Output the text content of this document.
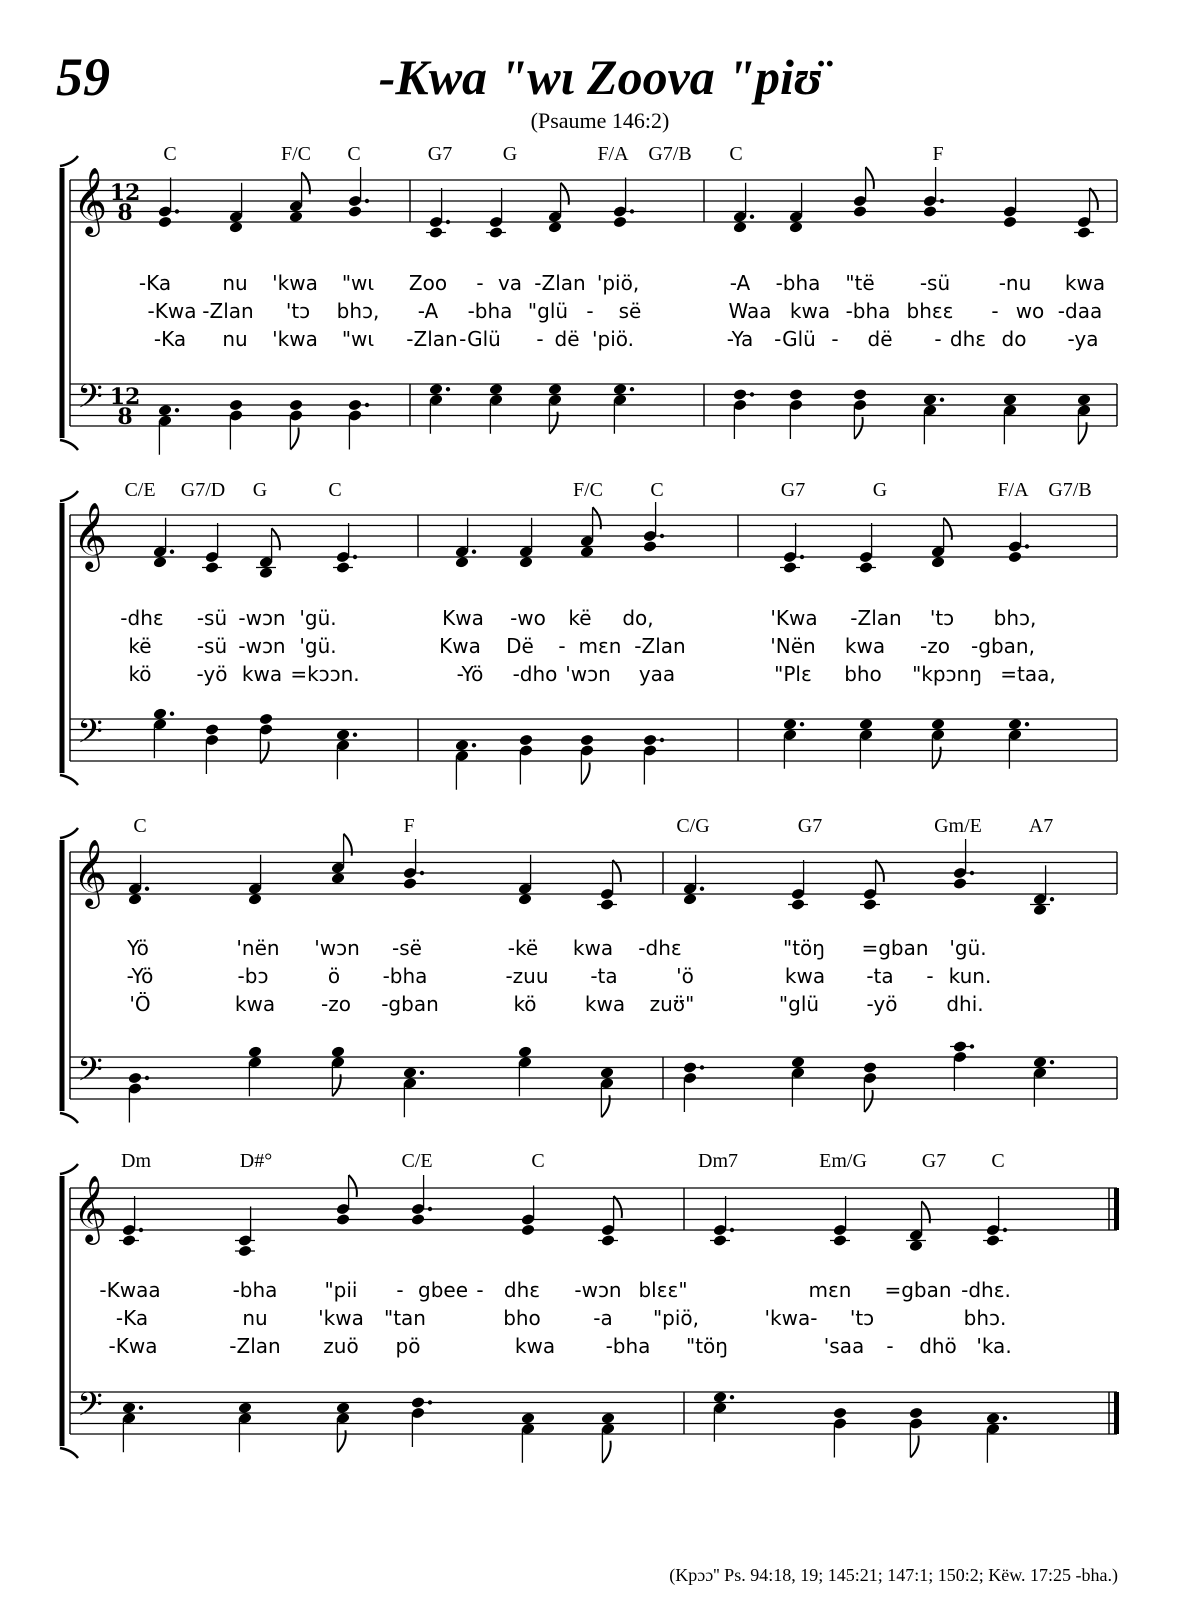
59	-Kwa "wɩ Zoova "piʊ̈
(Psaume 146:2)
𝄞 12
8
𝄢 12
8
C	F/C C	G7	G	F/A G7/B C	F
-Ka	nu 'kwa "wɩ Zoo - va -Zlan 'piö,	-A -bha "të -sü -nu kwa
-Kwa -Zlan 'tɔ bhɔ, -A -bha "glü - së	Waa kwa -bha bhɛɛ - wo -daa
-Ka nu 'kwa "wɩ -Zlan -Glü - dë 'piö.	-Ya -Glü - dë - dhɛ do -ya
𝄞
𝄢
C/E G7/D G	C	F/C C	G7	G	F/A G7/B
-dhɛ -sü -wɔn 'gü.	Kwa -wo kë do,	'Kwa -Zlan 'tɔ bhɔ,
kë -sü -wɔn 'gü.	Kwa Dë - mɛn -Zlan	'Nën kwa -zo -gban,
kö -yö kwa =kɔɔn.	-Yö -dho 'wɔn yaa	"Plɛ bho "kpɔnŋ =taa,
𝄞
𝄢
C	F	C/G	G7	Gm/E A7
Yö	'nën 'wɔn -së	-kë kwa -dhɛ	"töŋ =gban 'gü.
-Yö	-bɔ	ö -bha	-zuu -ta	'ö	kwa -ta - kun.
'Ö	kwa -zo -gban	kö kwa zuʊ̈"	"glü -yö dhi.
𝄞
𝄢
Dm	D#°	C/E	C	Dm7	Em/G	G7 C
-Kwaa	-bha "pii - gbee - dhɛ -wɔn blɛɛ"	mɛn =gban -dhɛ.
-Ka	nu	'kwa "tan	bho	-a "piö,	'kwa- 'tɔ	bhɔ.
-Kwa	-Zlan zuö pö	kwa	-bha "töŋ	'saa - dhö 'ka.
(Kpɔɔ'' Ps. 94:18, 19; 145:21; 147:1; 150:2; Këw. 17:25 -bha.)
